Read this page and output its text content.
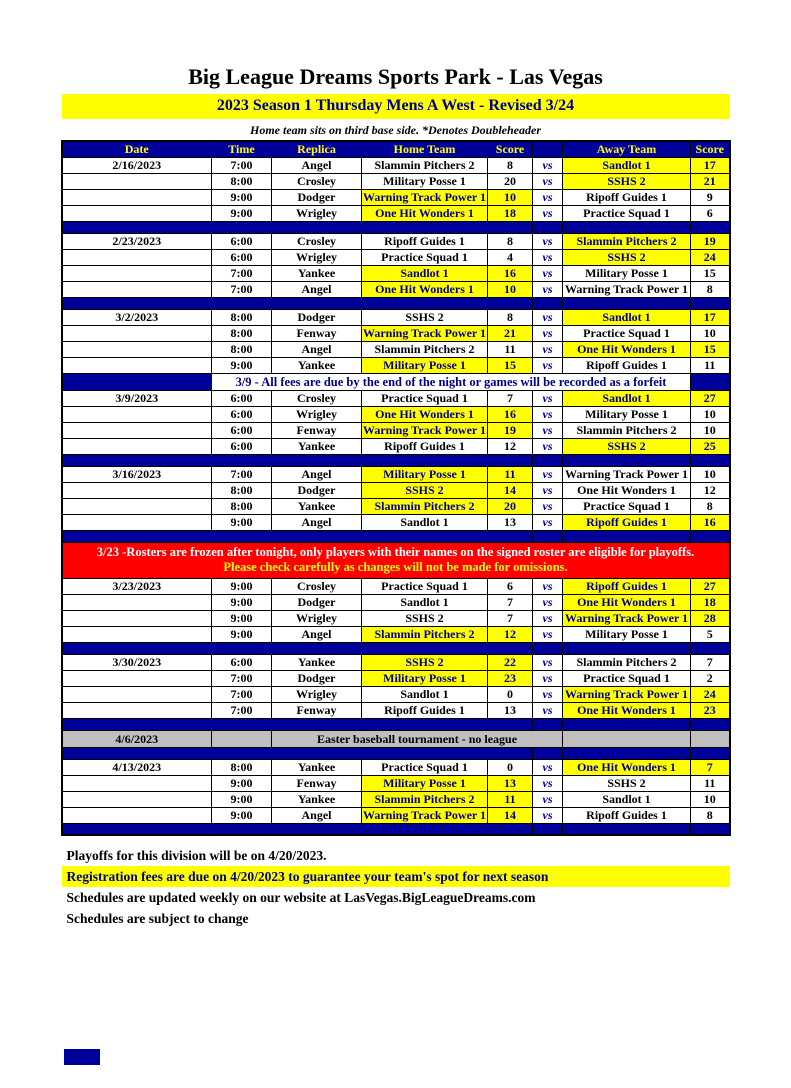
Big League Dreams Sports Park - Las Vegas
2023 Season 1 Thursday Mens A West - Revised 3/24
Home team sits on third base side. *Denotes Doubleheader
Date	Time	Replica	Home Team	Score		Away Team	Score
2/16/2023	7:00	Angel	Slammin Pitchers 2	8	vs	Sandlot 1	17
	8:00	Crosley	Military Posse 1	20	vs	SSHS 2	21
	9:00	Dodger	Warning Track Power 1	10	vs	Ripoff Guides 1	9
	9:00	Wrigley	One Hit Wonders 1	18	vs	Practice Squad 1	6

2/23/2023	6:00	Crosley	Ripoff Guides 1	8	vs	Slammin Pitchers 2	19
	6:00	Wrigley	Practice Squad 1	4	vs	SSHS 2	24
	7:00	Yankee	Sandlot 1	16	vs	Military Posse 1	15
	7:00	Angel	One Hit Wonders 1	10	vs	Warning Track Power 1	8

3/2/2023	8:00	Dodger	SSHS 2	8	vs	Sandlot 1	17
	8:00	Fenway	Warning Track Power 1	21	vs	Practice Squad 1	10
	8:00	Angel	Slammin Pitchers 2	11	vs	One Hit Wonders 1	15
	9:00	Yankee	Military Posse 1	15	vs	Ripoff Guides 1	11
	3/9 - All fees are due by the end of the night or games will be recorded as a forfeit						
3/9/2023	6:00	Crosley	Practice Squad 1	7	vs	Sandlot 1	27
	6:00	Wrigley	One Hit Wonders 1	16	vs	Military Posse 1	10
	6:00	Fenway	Warning Track Power 1	19	vs	Slammin Pitchers 2	10
	6:00	Yankee	Ripoff Guides 1	12	vs	SSHS 2	25

3/16/2023	7:00	Angel	Military Posse 1	11	vs	Warning Track Power 1	10
	8:00	Dodger	SSHS 2	14	vs	One Hit Wonders 1	12
	8:00	Yankee	Slammin Pitchers 2	20	vs	Practice Squad 1	8
	9:00	Angel	Sandlot 1	13	vs	Ripoff Guides 1	16

3/23 -Rosters are frozen after tonight, only players with their names on the signed roster are eligible for playoffs.
Please check carefully as changes will not be made for omissions.							

3/23/2023	9:00	Crosley	Practice Squad 1	6	vs	Ripoff Guides 1	27
	9:00	Dodger	Sandlot 1	7	vs	One Hit Wonders 1	18
	9:00	Wrigley	SSHS 2	7	vs	Warning Track Power 1	28
	9:00	Angel	Slammin Pitchers 2	12	vs	Military Posse 1	5

3/30/2023	6:00	Yankee	SSHS 2	22	vs	Slammin Pitchers 2	7
	7:00	Dodger	Military Posse 1	23	vs	Practice Squad 1	2
	7:00	Wrigley	Sandlot 1	0	vs	Warning Track Power 1	24
	7:00	Fenway	Ripoff Guides 1	13	vs	One Hit Wonders 1	23

4/6/2023		Easter baseball tournament - no league					

4/13/2023	8:00	Yankee	Practice Squad 1	0	vs	One Hit Wonders 1	7
	9:00	Fenway	Military Posse 1	13	vs	SSHS 2	11
	9:00	Yankee	Slammin Pitchers 2	11	vs	Sandlot 1	10
	9:00	Angel	Warning Track Power 1	14	vs	Ripoff Guides 1	8

Playoffs for this division will be on 4/20/2023.
Registration fees are due on 4/20/2023 to guarantee your team's spot for next season
Schedules are updated weekly on our website at LasVegas.BigLeagueDreams.com
Schedules are subject to change
